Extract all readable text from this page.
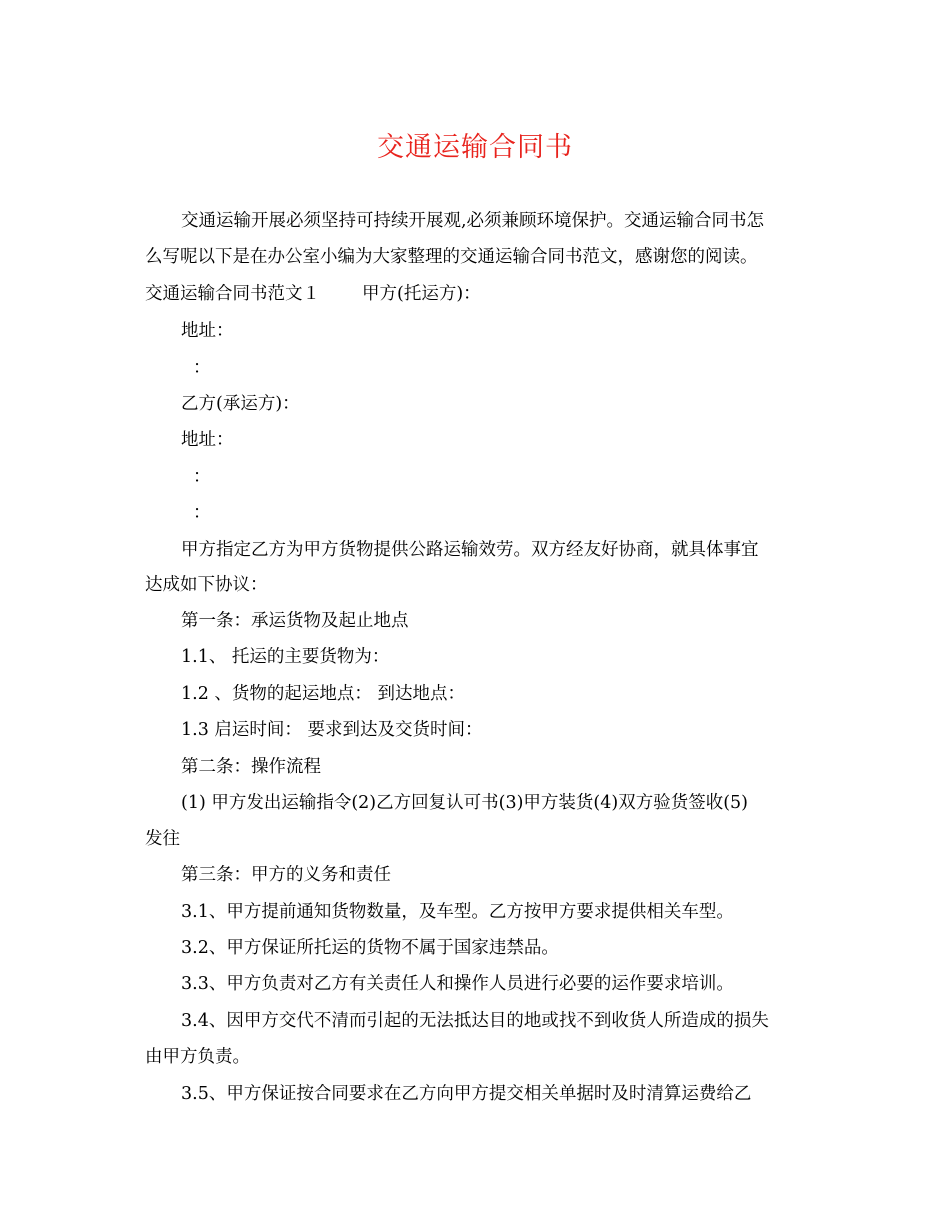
交通运输合同书
交通运输开展必须坚持可持续开展观,必须兼顾环境保护。交通运输合同书怎
么写呢以下是在办公室小编为大家整理的交通运输合同书范文，感谢您的阅读。
交通运输合同书范文１ 甲方(托运方)：
地址：
：
乙方(承运方)：
地址：
：
：
甲方指定乙方为甲方货物提供公路运输效劳。双方经友好协商，就具体事宜
达成如下协议：
第一条：承运货物及起止地点
1.1、 托运的主要货物为：
1.2 、货物的起运地点： 到达地点：
1.3 启运时间： 要求到达及交货时间：
第二条：操作流程
(1) 甲方发出运输指令(2)乙方回复认可书(3)甲方装货(4)双方验货签收(5)
发往
第三条：甲方的义务和责任
3.1、甲方提前通知货物数量，及车型。乙方按甲方要求提供相关车型。
3.2、甲方保证所托运的货物不属于国家违禁品。
3.3、甲方负责对乙方有关责任人和操作人员进行必要的运作要求培训。
3.4、因甲方交代不清而引起的无法抵达目的地或找不到收货人所造成的损失
由甲方负责。
3.5、甲方保证按合同要求在乙方向甲方提交相关单据时及时清算运费给乙
